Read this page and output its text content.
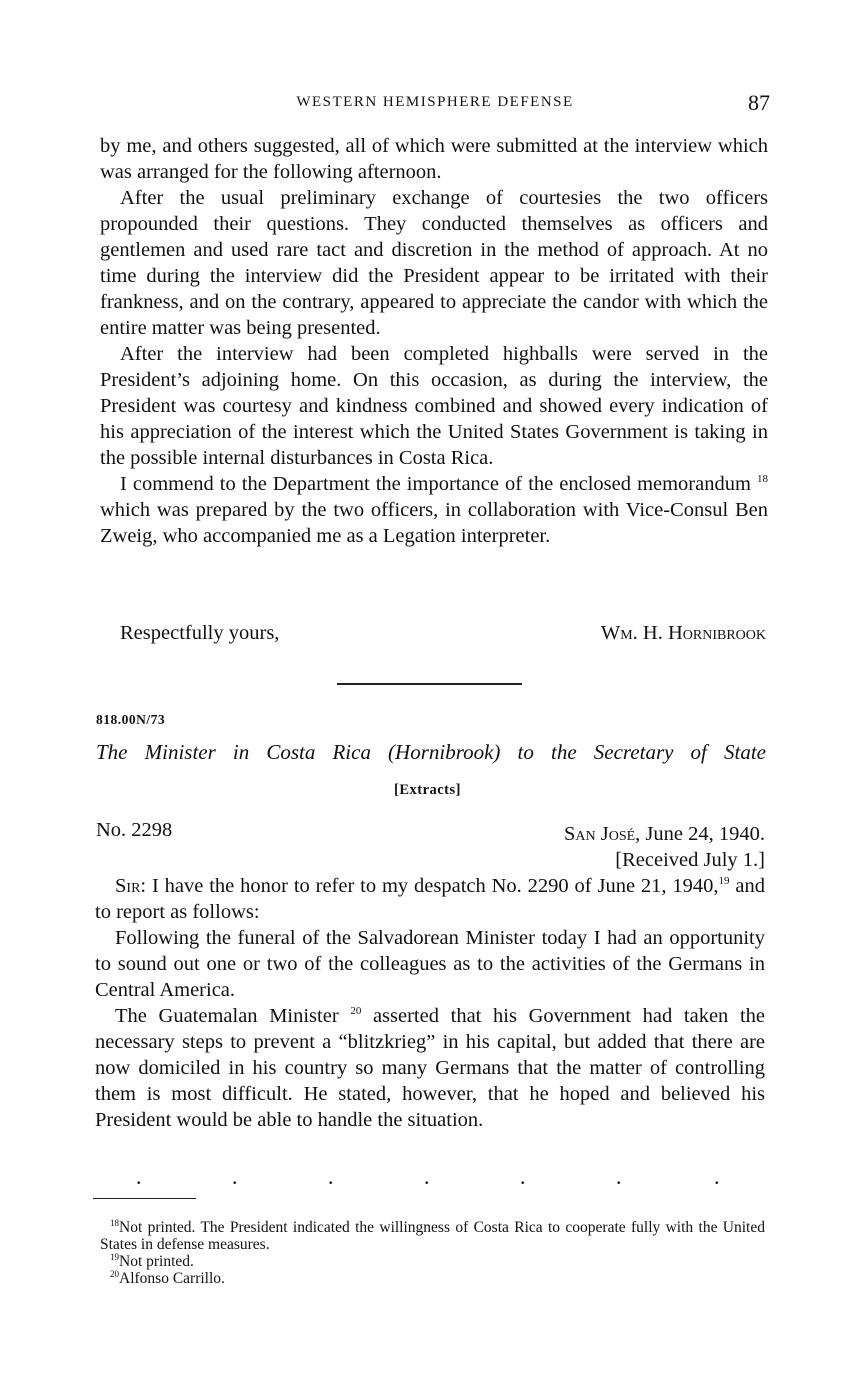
WESTERN HEMISPHERE DEFENSE	87

by me, and others suggested, all of which were submitted at the interview which was arranged for the following afternoon.

After the usual preliminary exchange of courtesies the two officers propounded their questions. They conducted themselves as officers and gentlemen and used rare tact and discretion in the method of approach. At no time during the interview did the President appear to be irritated with their frankness, and on the contrary, appeared to appreciate the candor with which the entire matter was being presented.

After the interview had been completed highballs were served in the President’s adjoining home. On this occasion, as during the interview, the President was courtesy and kindness combined and showed every indication of his appreciation of the interest which the United States Government is taking in the possible internal disturbances in Costa Rica.

I commend to the Department the importance of the enclosed memorandum $^{18}$ which was prepared by the two officers, in collaboration with Vice-Consul Ben Zweig, who accompanied me as a Legation interpreter.

Respectfully yours,	Wm. H. Hornibrook
818.00N/73
The Minister in Costa Rica (Hornibrook) to the Secretary of State
[Extracts]
No. 2298	San José, June 24, 1940.
[Received July 1.]

Sir: I have the honor to refer to my despatch No. 2290 of June 21, 1940,19 and to report as follows:

Following the funeral of the Salvadorean Minister today I had an opportunity to sound out one or two of the colleagues as to the activities of the Germans in Central America.

The Guatemalan Minister $^{20}$ asserted that his Government had taken the necessary steps to prevent a “blitzkrieg” in his capital, but added that there are now domiciled in his country so many Germans that the matter of controlling them is most difficult. He stated, however, that he hoped and believed his President would be able to handle the situation.

.	.	.	.	.	.	.
$^{18}$Not printed. The President indicated the willingness of Costa Rica to cooperate fully with the United States in defense measures.
$^{19}$Not printed.
$^{20}$Alfonso Carrillo.
